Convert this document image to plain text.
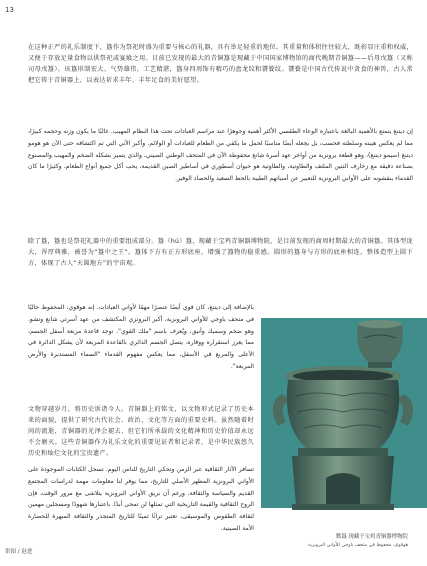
13

在这种正严的礼乐制度下，簋作为祭祀时盛为重要与核心的礼器，具有举足轻重的地位。其重量和体积往往较大，既彰显庄重和权威，又便于存放足量食物以供祭祀或宴飨之用。目前已发现的最大的青铜簋是现藏于中国国家博物馆的商代晚期青铜簋——后母戊簋（又称司母戊簋）。该簋形制宏大、气势雄伟，工艺精湛，簋身四周饰有精巧的盘龙纹和饕餮纹。饕餮是中国古代传说中贪食的神兽，古人常把它铸于青铜器上，以表达祈求丰年、丰年足食的美好愿望。

إن ديتنغ يتمتع بالأهمية البالغة باعتباره الوعاء الطقسي الأكثر أهمية وجوهرًا عند مراسم العبادات تحت هذا النظام المهيب. غالبًا ما يكون وزنه وحجمه كبيرًا، مما لم يعكس هيبته وسلطته فحسب، بل يجعله أيضًا مناسبًا لحمل ما يكفي من الطعام للعبادات أو الولائم. وأكبر الآني التي تم اكتشافه حتى الآن هو هومو ديتنغ (سيمو ديتنغ)، وهو قطعة برونزية من أواخر عهد أسرة شانغ محفوظة الآن في المتحف الوطني الصيني، والذي يتميز بشكله الضخم والمهيب والمصنوع بصناعة دقيقة مع زخارف التنين الملتف والطاوتية، والطاوتية هو حيوان أسطوري في أساطير الصين القديمة، يحب أكل جميع أنواع الطعام، وكثيرًا ما كان القدماء ينقشونه على الأواني البرونزية للتعبير عن أمنياتهم الطيبة بالحظ السعيد والحصاد الوفير.

除了簋，簋也是祭祀礼器中的重要组成部分。簋（hú）簋，现藏于宝鸡青铜器博物院，是目前发现的商周时期最大的青铜簋。其体型庞大，浑厚典雅，被誉为“簋中之王”。簋体下方有正方形底座，增强了簋物的稳重感。圆形的簋身与方形的底座相连，整体造型上圆下方，体现了古人“天圆地方”的宇宙观。

بالإضافة إلى ديتنغ، كان قوي أيضًا عنصرًا مهمًا لأواني العبادات. إنه هوقوي، المحفوظ حاليًا في متحف باوجي للأواني البرونزية، أكبر البرونزي المكتشف من عهد أسرتي شانغ وتشو. وهو ضخم وسميك وأنيق، ويُعرف باسم "ملك القوي". توجد قاعدة مربعة أسفل الجسم، مما يعزز استقراره ووقاره. يتصل الجسم الدائري بالقاعدة المربعة لأن يشكل الدائرة في الأعلى والمربع في الأسفل، مما يعكس مفهوم القدماء "السماء المستديرة والأرض المربعة".

文物穿越岁月，将历史诉诸今人。青铜器上的铭文，以文物形式记录了历史本来的面貌，提供了研究古代社会、政治、文化等方面的重要史料。虽然随着时间的流逝，青铜器的光泽会褪去，但它们所承载的文化精神和历史价值却永远不会磨灭。这些青铜器作为礼乐文化的重要见证者和记录者，是中华民族悠久历史和灿烂文化的宝贵遗产。

تسافر الآثار الثقافية عبر الزمن وتحكي التاريخ للناس اليوم. تسجل الكتابات الموجودة على الأواني البرونزية المظهر الأصلي للتاريخ، مما يوفر لنا معلومات مهمة لدراسات المجتمع القديم والسياسة والثقافة. ورغم أن بريق الأواني البرونزية يتلاشى مع مرور الوقت، فإن الروح الثقافية والقيمة التاريخية التي تمثلها لن تمحى أبدًا. باعتبارها شهودًا ومسجلين مهمين لثقافة الطقوس والموسيقى، تعتبر تراثًا ثمينًا للتاريخ المتجذر والثقافة المبهرة للحضارة الأمة الصينية.

默簋 现藏于宝鸡青铜器博物院
هوقوي، محفوظ في متحف باوجي للأواني البرونزية
供图 / 赵进
